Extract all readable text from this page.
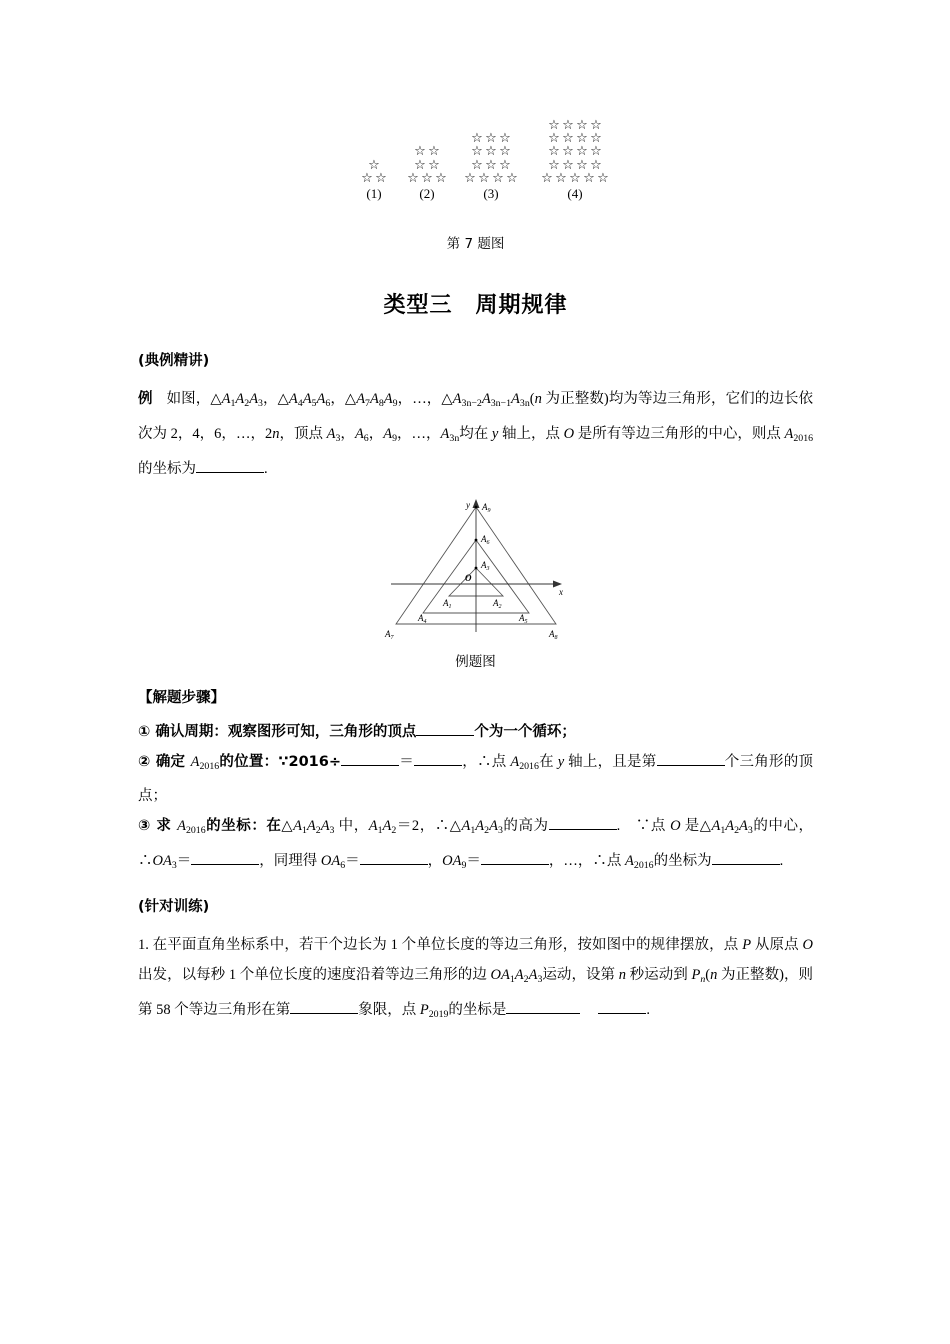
☆
☆ ☆
(1)
☆ ☆
☆ ☆
☆ ☆ ☆
(2)
☆ ☆ ☆
☆ ☆ ☆
☆ ☆ ☆
☆ ☆ ☆ ☆
(3)
☆ ☆ ☆ ☆
☆ ☆ ☆ ☆
☆ ☆ ☆ ☆
☆ ☆ ☆ ☆
☆ ☆ ☆ ☆ ☆
(4)
第 7 题图
类型三　周期规律
(典例精讲)

例 如图，$\triangle A_1A_2A_3$，$\triangle A_4A_5A_6$，$\triangle A_7A_8A_9$，…，$\triangle A_{3n-2}A_{3n-1}A_{3n}(n$ 为正整数)均为等边三角形，它们的边长依次为 2，4，6，…，2n，顶点 $A_3$，$A_6$，$A_9$，…，$A_{3n}$均在 y 轴上，点 O 是所有等边三角形的中心，则点 $A_{2016}$的坐标为	.

x
y
O
$A_9$
$A_6$
$A_3$
$A_1$	$A_2$
$A_4$	$A_5$
$A_7$	$A_8$
例题图
【解题步骤】

① 确认周期：观察图形可知，三角形的顶点	个为一个循环；

② 确定 $A_{2016}$的位置：∵2016÷	＝	，∴点 $A_{2016}$在 y 轴上，且是第	个三角形的顶点；

③ 求 $A_{2016}$的坐标：在$\triangle A_1A_2A_3$ 中，$A_1A_2=2$，$\therefore\triangle A_1A_2A_3$的高为	.　∵点 O 是$\triangle A_1A_2A_3$的中心，$\therefore OA_3=$	，同理得 $OA_6=$	，$OA_9=$	，…，∴点 $A_{2016}$的坐标为	.

(针对训练)

1. 在平面直角坐标系中，若干个边长为 1 个单位长度的等边三角形，按如图中的规律摆放，点 P 从原点 O 出发，以每秒 1 个单位长度的速度沿着等边三角形的边 $OA_1A_2A_3$运动，设第 n 秒运动到 $P_n(n$ 为正整数)，则第 58 个等边三角形在第	象限，点 $P_{2019}$的坐标是	.
